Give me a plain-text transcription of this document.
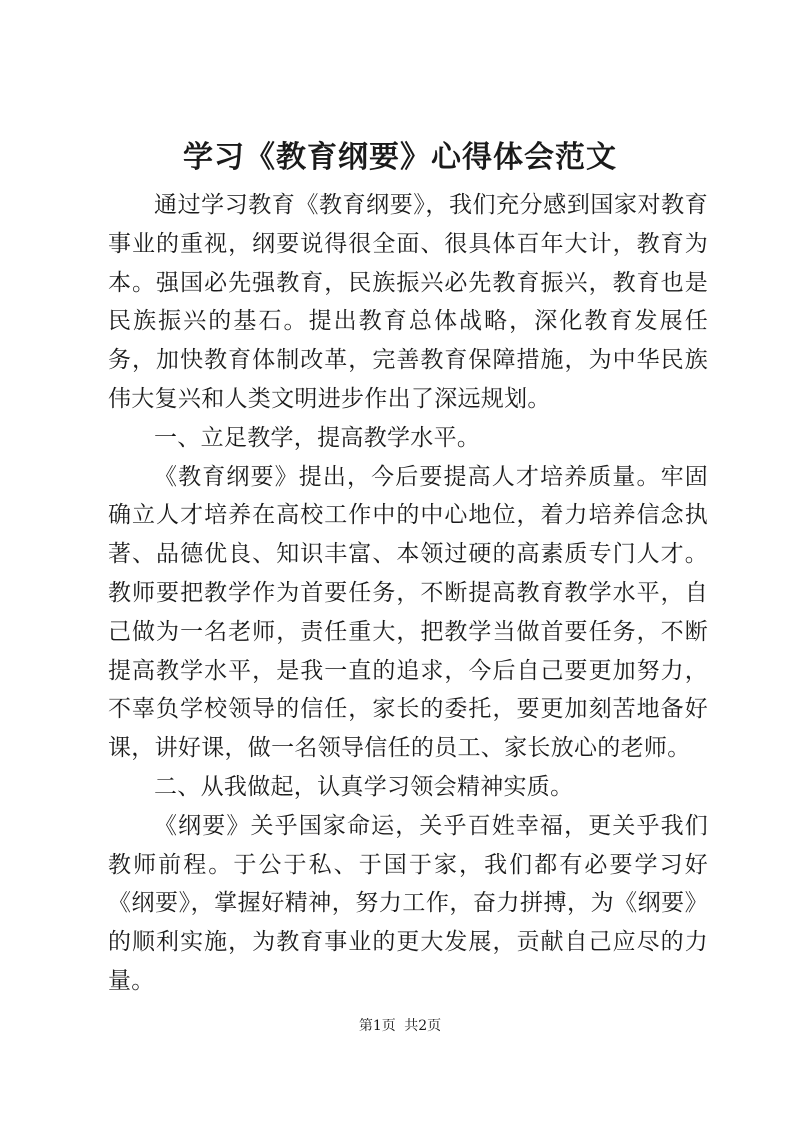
学习《教育纲要》心得体会范文

通过学习教育《教育纲要》，我们充分感到国家对教育事业的重视，纲要说得很全面、很具体百年大计，教育为本。强国必先强教育，民族振兴必先教育振兴，教育也是民族振兴的基石。提出教育总体战略，深化教育发展任务，加快教育体制改革，完善教育保障措施，为中华民族伟大复兴和人类文明进步作出了深远规划。

一、立足教学，提高教学水平。

《教育纲要》提出，今后要提高人才培养质量。牢固确立人才培养在高校工作中的中心地位，着力培养信念执著、品德优良、知识丰富、本领过硬的高素质专门人才。教师要把教学作为首要任务，不断提高教育教学水平，自己做为一名老师，责任重大，把教学当做首要任务，不断提高教学水平，是我一直的追求，今后自己要更加努力，不辜负学校领导的信任，家长的委托，要更加刻苦地备好课，讲好课，做一名领导信任的员工、家长放心的老师。

二、从我做起，认真学习领会精神实质。

《纲要》关乎国家命运，关乎百姓幸福，更关乎我们教师前程。于公于私、于国于家，我们都有必要学习好《纲要》，掌握好精神，努力工作，奋力拼搏，为《纲要》的顺利实施，为教育事业的更大发展，贡献自己应尽的力量。

第1页 共2页
